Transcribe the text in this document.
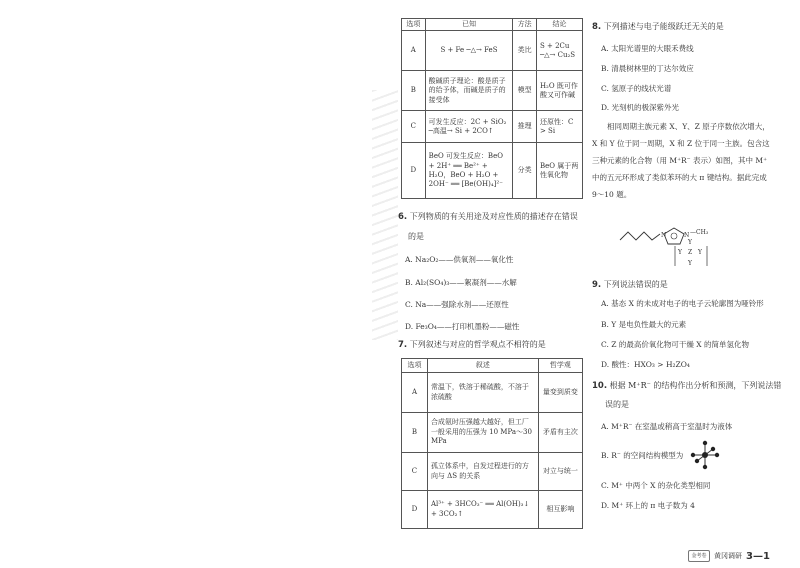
选项	已知	方法	结论
A	S + Fe ─△→ FeS	类比	S + 2Cu ─△→ Cu₂S
B	酸碱质子理论：酸是质子的给予体，而碱是质子的接受体	模型	H₂O 既可作酸又可作碱
C	可发生反应：2C + SiO₂ ─高温→ Si + 2CO↑	推理	还原性：C > Si
D	BeO 可发生反应：BeO + 2H⁺ ══ Be²⁺ + H₂O，BeO + H₂O + 2OH⁻ ══ [Be(OH)₄]²⁻	分类	BeO 属于两性氧化物
6. 下列物质的有关用途及对应性质的描述存在错误
的是
A. Na₂O₂——供氧剂——氧化性
B. Al₂(SO₄)₃——絮凝剂——水解
C. Na——强除水剂——还原性
D. Fe₃O₄——打印机墨粉——磁性
7. 下列叙述与对应的哲学观点不相符的是
选项	叙述	哲学观
A	常温下，铁溶于稀硫酸，不溶于浓硫酸	量变到质变
B	合成氨时压强越大越好，但工厂一般采用的压强为 10 MPa～30 MPa	矛盾有主次
C	孤立体系中，自发过程进行的方向与 ΔS 的关系	对立与统一
D	Al³⁺ + 3HCO₃⁻ ══ Al(OH)₃↓ + 3CO₂↑	相互影响
8. 下列描述与电子能级跃迁无关的是
A. 太阳光谱里的大眼禾费线
B. 清晨树林里的丁达尔效应
C. 氢原子的线状光谱
D. 光刻机的极深紫外光
相同周期主族元素 X、Y、Z 原子序数依次增大，X 和 Y 位于同一周期，X 和 Z 位于同一主族。包含这三种元素的化合物（用 M⁺R⁻ 表示）如图，其中 M⁺ 中的五元环形成了类似苯环的大 π 键结构。据此完成 9～10 题。
N	N —CH₃
Y
Y	Y
Z
Y
9. 下列说法错误的是
A. 基态 X 的未成对电子的电子云轮廓图为哑铃形
B. Y 是电负性最大的元素
C. Z 的最高价氧化物可干燥 X 的简单氢化物
D. 酸性：HXO₃ > H₂ZO₄
10. 根据 M⁺R⁻ 的结构作出分析和预测，下列说法错
误的是
A. M⁺R⁻ 在室温或稍高于室温时为液体
B. R⁻ 的空间结构模型为
C. M⁺ 中两个 X 的杂化类型相同
D. M⁺ 环上的 π 电子数为 4
金考卷	黄冈调研 3—1
